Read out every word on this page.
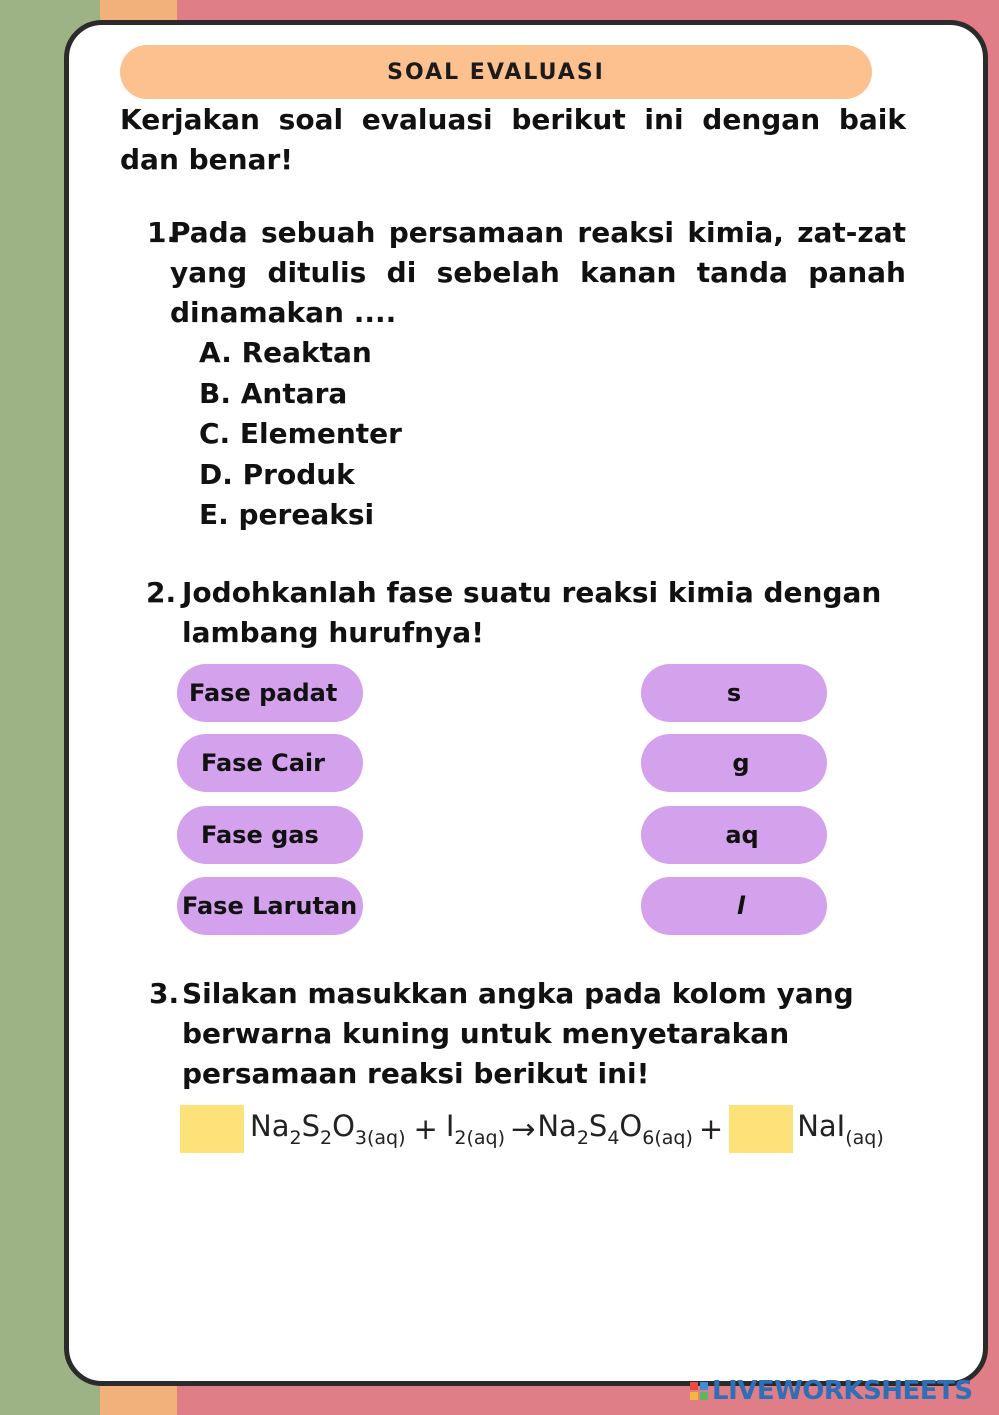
SOAL EVALUASI
Kerjakan soal evaluasi berikut ini dengan baik dan benar!
1.
Pada sebuah persamaan reaksi kimia, zat-zat yang ditulis di sebelah kanan tanda panah dinamakan ....
A. Reaktan
B. Antara
C. Elementer
D. Produk
E. pereaksi
2. Jodohkanlah fase suatu reaksi kimia dengan lambang hurufnya!
Fase padat
Fase Cair
Fase gas
Fase Larutan
s
g
aq
l
3. Silakan masukkan angka pada kolom yang berwarna kuning untuk menyetarakan persamaan reaksi berikut ini!
$Na_2S_2O_{3(aq)} + I_{2(aq)} \to Na_2S_4O_{6(aq)}$ +	NaI$_{(aq)}$
LIVEWORKSHEETS
